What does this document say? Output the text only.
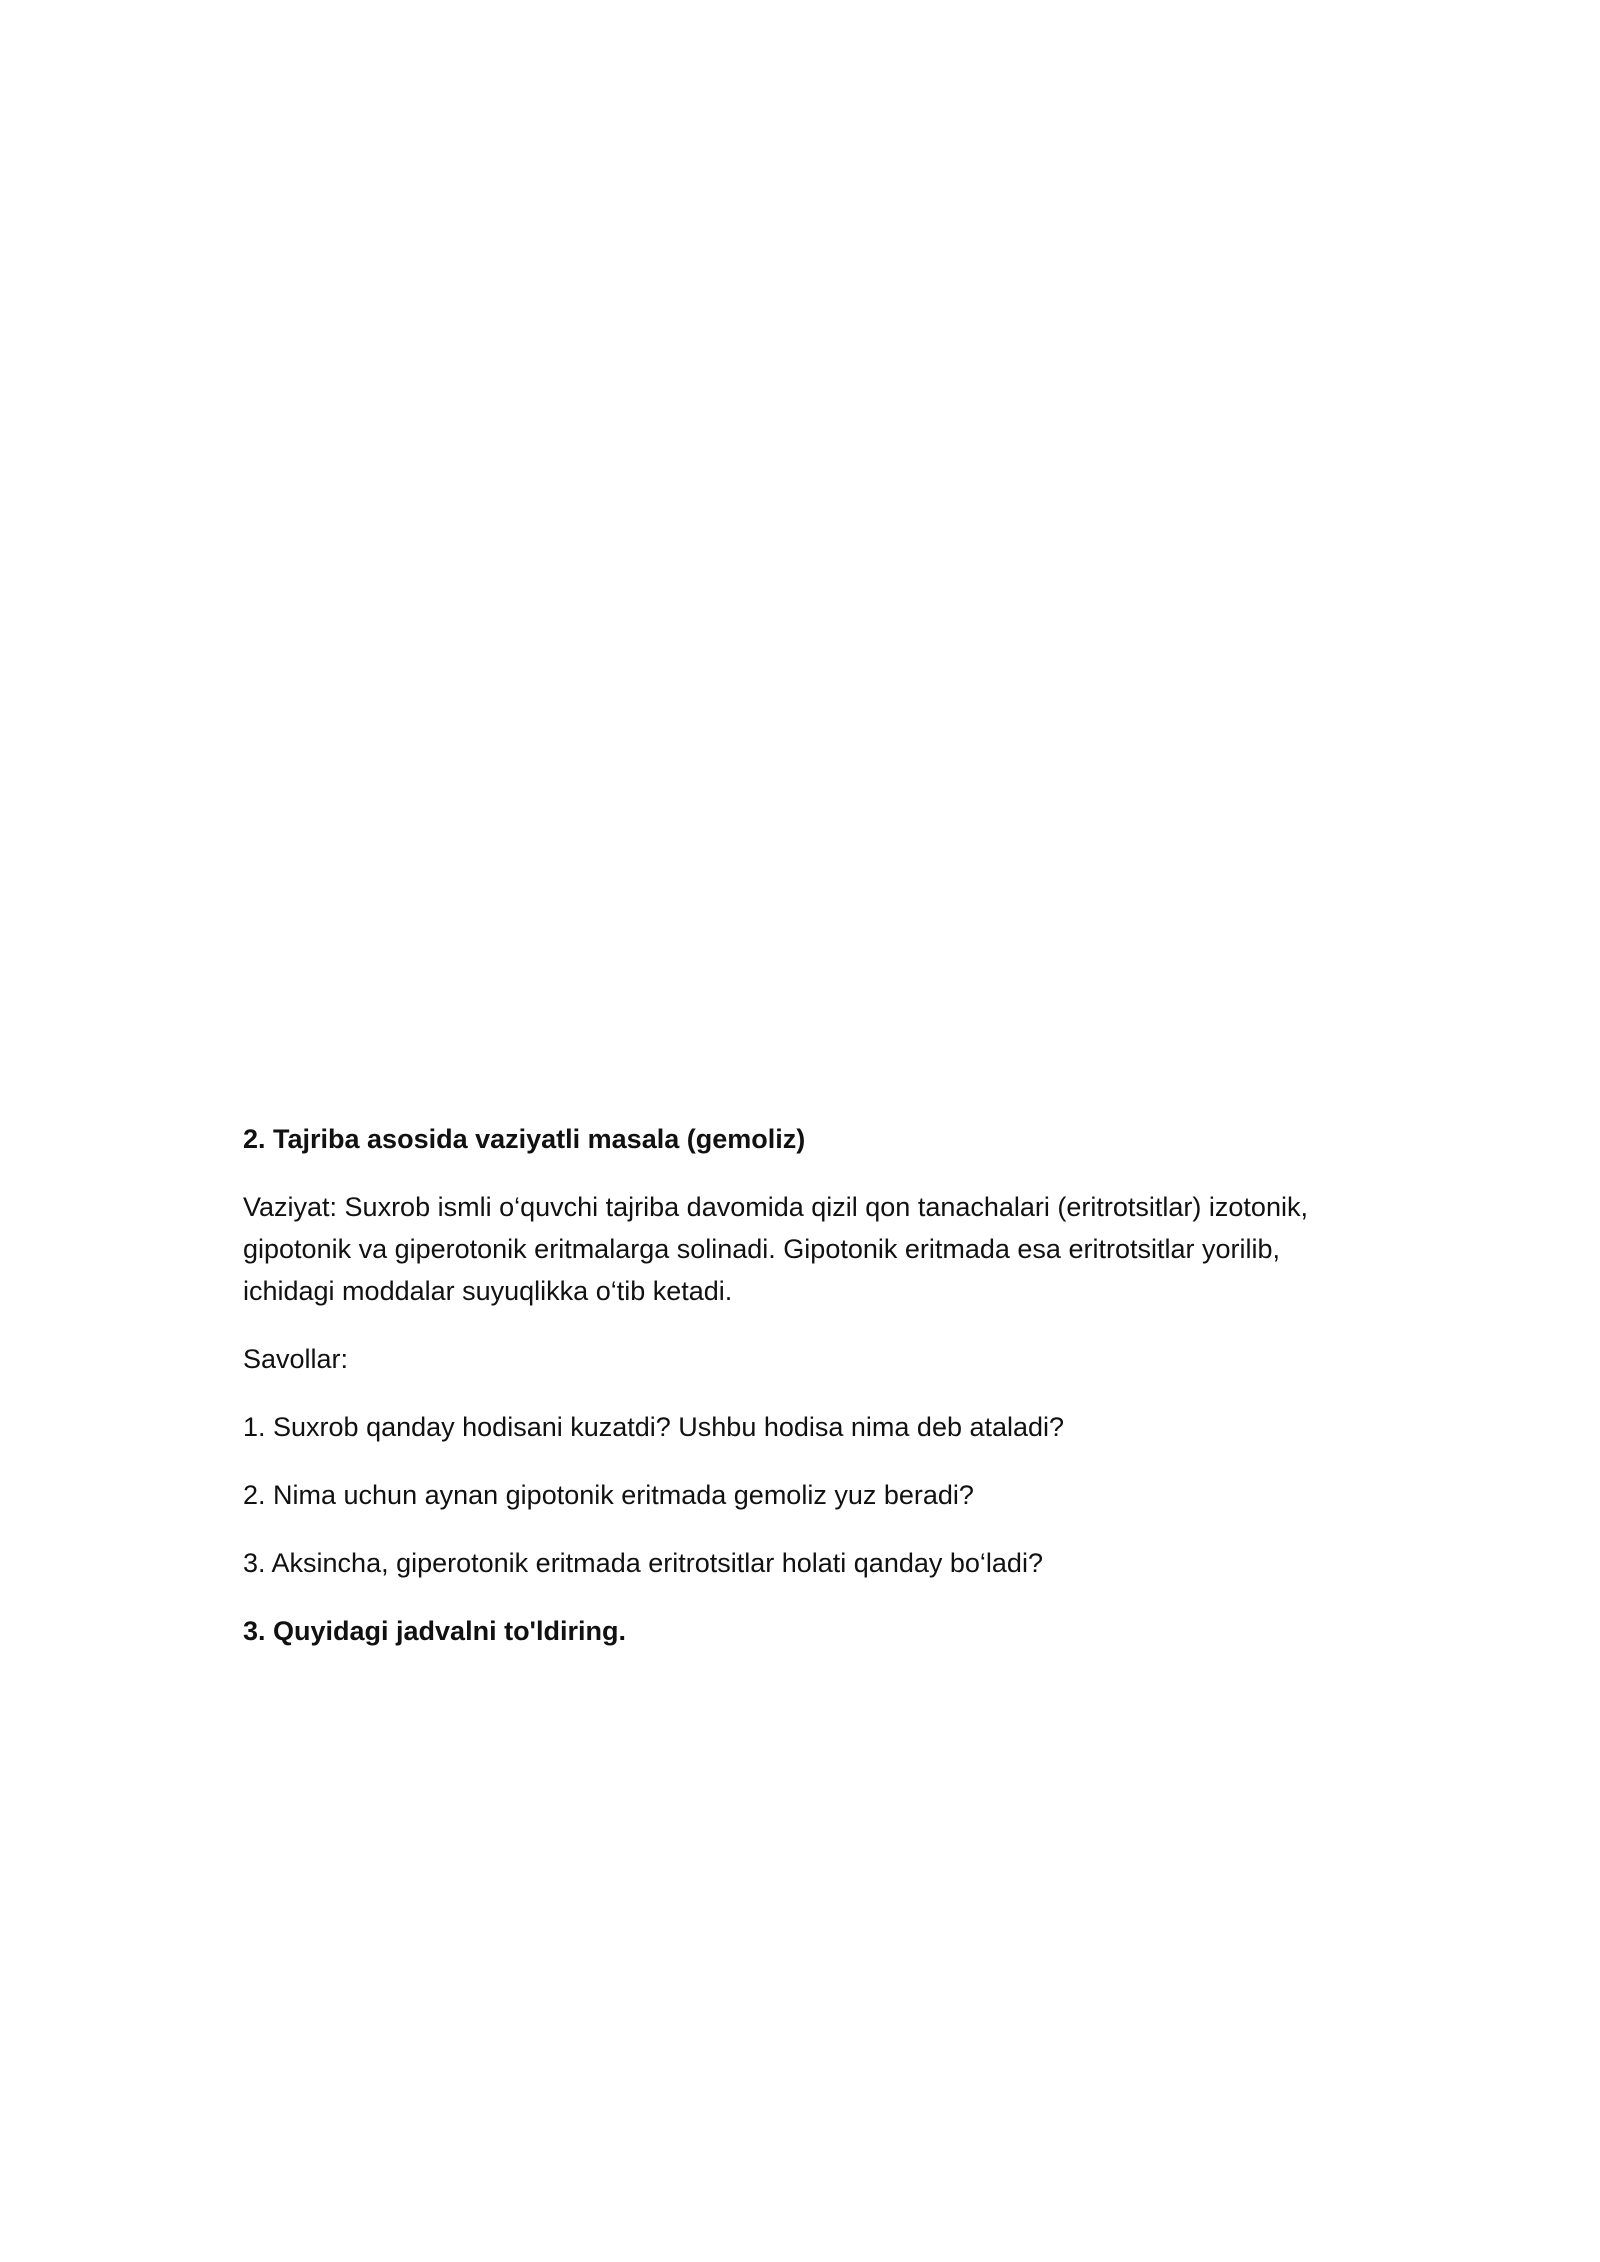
2. Tajriba asosida vaziyatli masala (gemoliz)

Vaziyat: Suxrob ismli o‘quvchi tajriba davomida qizil qon tanachalari (eritrotsitlar) izotonik,

gipotonik va giperotonik eritmalarga solinadi. Gipotonik eritmada esa eritrotsitlar yorilib,

ichidagi moddalar suyuqlikka o‘tib ketadi.

Savollar:

1. Suxrob qanday hodisani kuzatdi? Ushbu hodisa nima deb ataladi?

2. Nima uchun aynan gipotonik eritmada gemoliz yuz beradi?

3. Aksincha, giperotonik eritmada eritrotsitlar holati qanday bo‘ladi?

3. Quyidagi jadvalni to'ldiring.
